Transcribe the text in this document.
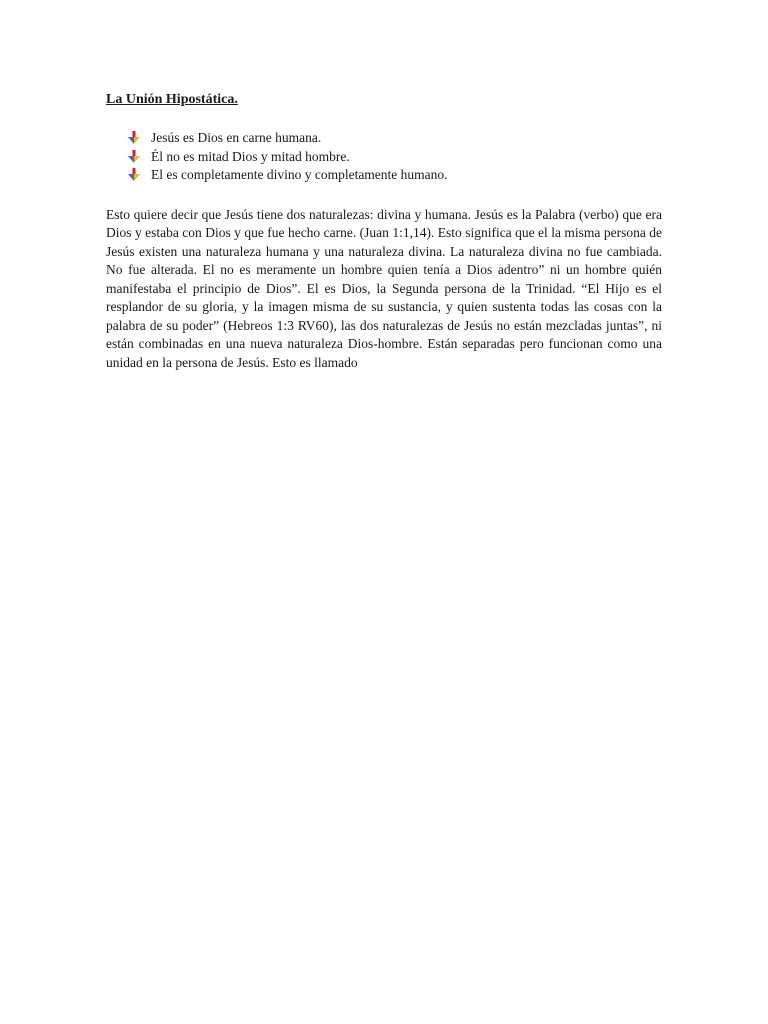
La Unión Hipostática.
Jesús es Dios en carne humana.
Él no es mitad Dios y mitad hombre.
El es completamente divino y completamente humano.

Esto quiere decir que Jesús tiene dos naturalezas: divina y humana. Jesús es la Palabra (verbo) que era Dios y estaba con Dios y que fue hecho carne. (Juan 1:1,14). Esto significa que el la misma persona de Jesús existen una naturaleza humana y una naturaleza divina. La naturaleza divina no fue cambiada. No fue alterada. El no es meramente un hombre quien tenía a Dios adentro” ni un hombre quién manifestaba el principio de Dios”. El es Dios, la Segunda persona de la Trinidad. “El Hijo es el resplandor de su gloria, y la imagen misma de su sustancia, y quien sustenta todas las cosas con la palabra de su poder” (Hebreos 1:3 RV60), las dos naturalezas de Jesús no están mezcladas juntas”, ni están combinadas en una nueva naturaleza Dios-hombre. Están separadas pero funcionan como una unidad en la persona de Jesús. Esto es llamado
